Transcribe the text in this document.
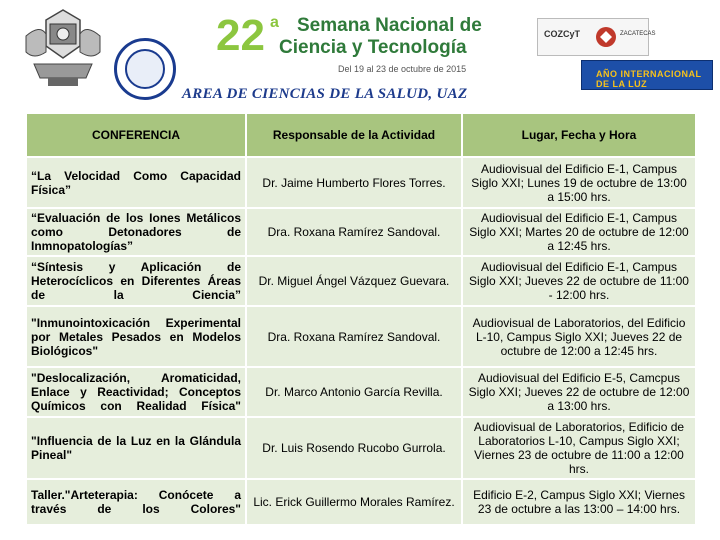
22 a Semana Nacional de
Ciencia y Tecnología
Del 19 al 23 de octubre de 2015
COZCyT	ZACATECAS
AÑO INTERNACIONAL DE LA LUZ
AREA DE CIENCIAS DE LA SALUD, UAZ
CONFERENCIA	Responsable de la Actividad	Lugar, Fecha y Hora
“La Velocidad Como Capacidad Física”	Dr. Jaime Humberto Flores Torres.	Audiovisual del Edificio E-1, Campus Siglo XXI; Lunes 19 de octubre de 13:00 a 15:00 hrs.
“Evaluación de los Iones Metálicos como Detonadores de Inmnopatologías”	Dra. Roxana Ramírez Sandoval.	Audiovisual del Edificio E-1, Campus Siglo XXI; Martes 20 de octubre de 12:00 a 12:45 hrs.
“Síntesis y Aplicación de Heterocíclicos en Diferentes Áreas de la Ciencia”	Dr. Miguel Ángel Vázquez Guevara.	Audiovisual del Edificio E-1, Campus Siglo XXI; Jueves 22 de octubre de 11:00 - 12:00 hrs.
"Inmunointoxicación Experimental por Metales Pesados en Modelos Biológicos"	Dra. Roxana Ramírez Sandoval.	Audiovisual de Laboratorios, del Edificio L-10, Campus Siglo XXI; Jueves 22 de octubre de 12:00 a 12:45 hrs.
"Deslocalización, Aromaticidad, Enlace y Reactividad; Conceptos Químicos con Realidad Física"	Dr. Marco Antonio García Revilla.	Audiovisual del Edificio E-5, Camcpus Siglo XXI; Jueves 22 de octubre de 12:00 a 13:00 hrs.
"Influencia de la Luz en la Glándula Pineal"	Dr. Luis Rosendo Rucobo Gurrola.	Audiovisual de Laboratorios, Edificio de Laboratorios L-10, Campus Siglo XXI; Viernes 23 de octubre de 11:00 a 12:00 hrs.
Taller."Arteterapia: Conócete a través de los Colores"	Lic. Erick Guillermo Morales Ramírez.	Edificio E-2, Campus Siglo XXI; Viernes 23 de octubre a las 13:00 – 14:00 hrs.
